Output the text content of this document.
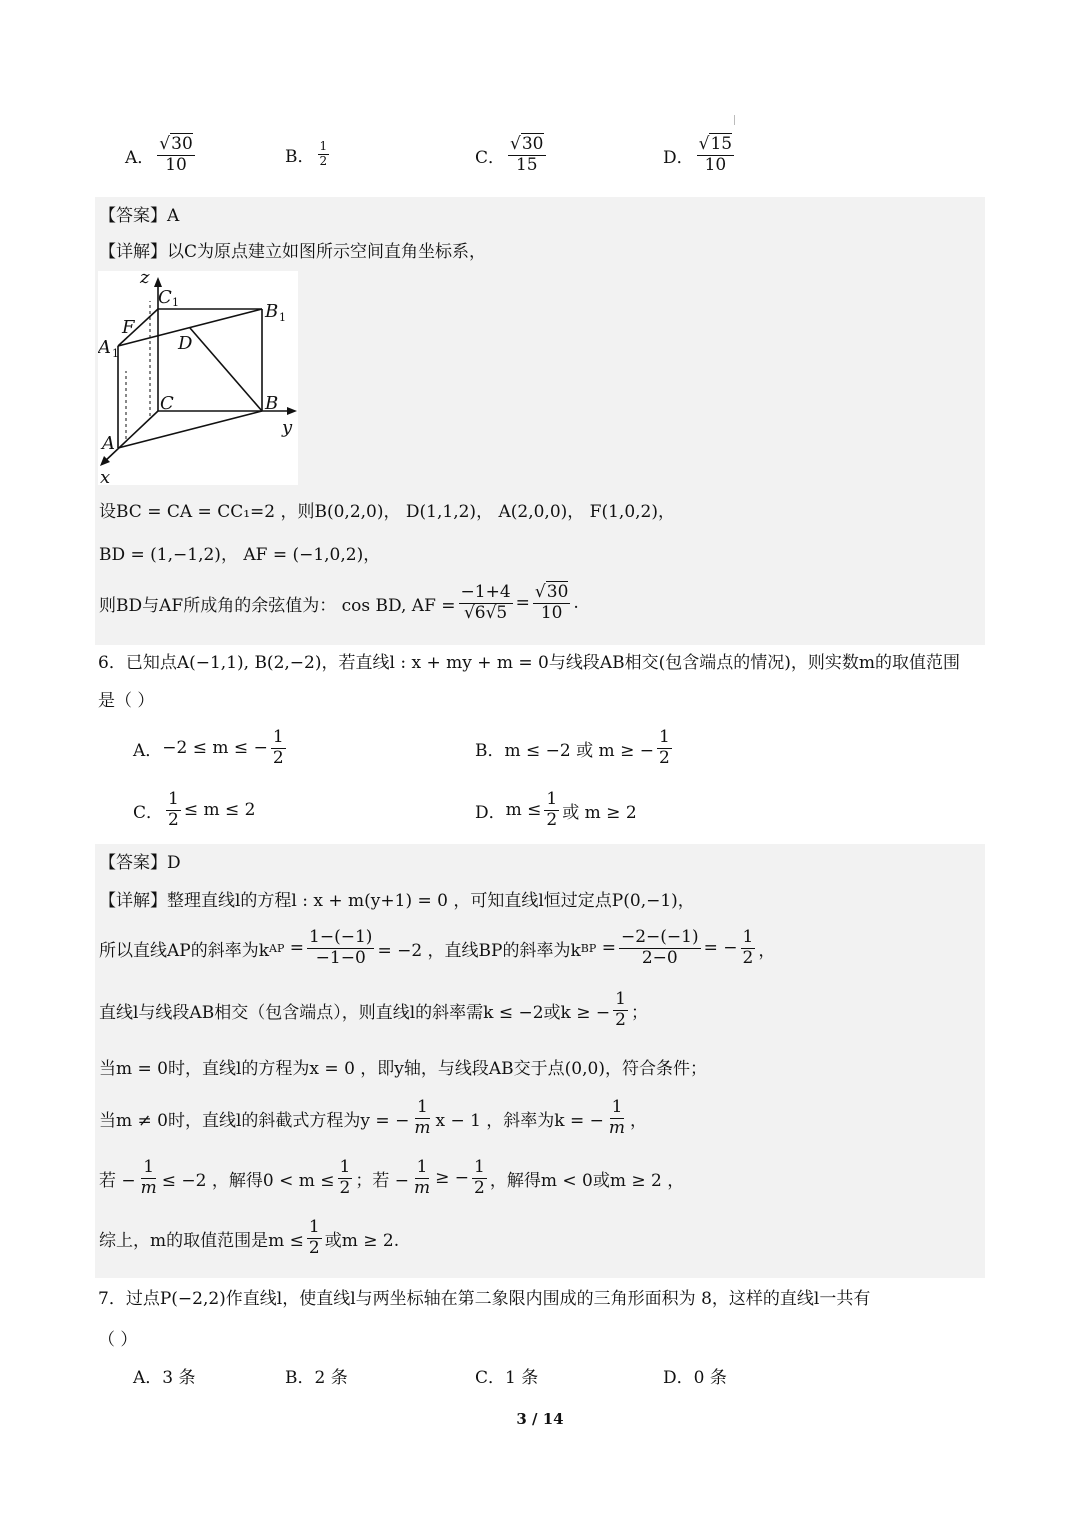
A． $\frac{√30}{10}$	B． $\frac{1}{2}$	C． $\frac{√30}{15}$	D． $\frac{√15}{10}$
【答案】A
【详解】 以C为原点建立如图所示空间直角坐标系，
z
y
x
C
B
F
A	D
C	B
A
1
1
1
设BC = CA = CC₁=2 ，则B(0,2,0)， D(1,1,2)， A(2,0,0)， F(1,0,2)，
BD = (1,−1,2)， AF = (−1,0,2)，
则BD与AF所成角的余弦值为： cos BD, AF = $\frac{-1+4}{√6√5} = \frac{√30}{10}$ .
6．已知点A(−1,1), B(2,−2)，若直线l : x + my + m = 0与线段AB相交(包含端点的情况)，则实数m的取值范围
是（ ）
A． −2 ≤ m ≤ − $\frac{1}{2}$	B． m ≤ −2 或 m ≥ − $\frac{1}{2}$
C． $\frac{1}{2} \le m \le 2$	D． $m \le \frac{1}{2}$ 或 m ≥ 2
【答案】D
【详解】整理直线l的方程l : x + m(y+1) = 0 ，可知直线l恒过定点P(0,−1)，
所以直线AP的斜率为k AP = $\frac{1-(-1)}{-1-0} = -2$ ，直线BP的斜率为k BP = $\frac{-2-(-1)}{2-0}$ = − $\frac{1}{2}$ ，
直线l与线段AB相交（包含端点），则直线l的斜率需k ≤ −2或k ≥ − $\frac{1}{2}$ ；
当m = 0时，直线l的方程为x = 0 ，即y轴，与线段AB交于点(0,0)，符合条件；
当m ≠ 0时，直线l的斜截式方程为y = − $\frac{1}{m}$ x − 1 ，斜率为k = − $\frac{1}{m}$ ，
若 − $\frac{1}{m} \le -2$ ，解得$0 < m \le \frac{1}{2}$ ；若 − $\frac{1}{m}$ ≥ − $\frac{1}{2}$ ，解得m < 0或m ≥ 2 ，
综上，m的取值范围是$m \le \frac{1}{2}$ 或m ≥ 2.
7．过点P(−2,2)作直线l，使直线l与两坐标轴在第二象限内围成的三角形面积为 8，这样的直线l一共有
（ ）
A．3 条	B．2 条	C．1 条	D．0 条
3 / 14
